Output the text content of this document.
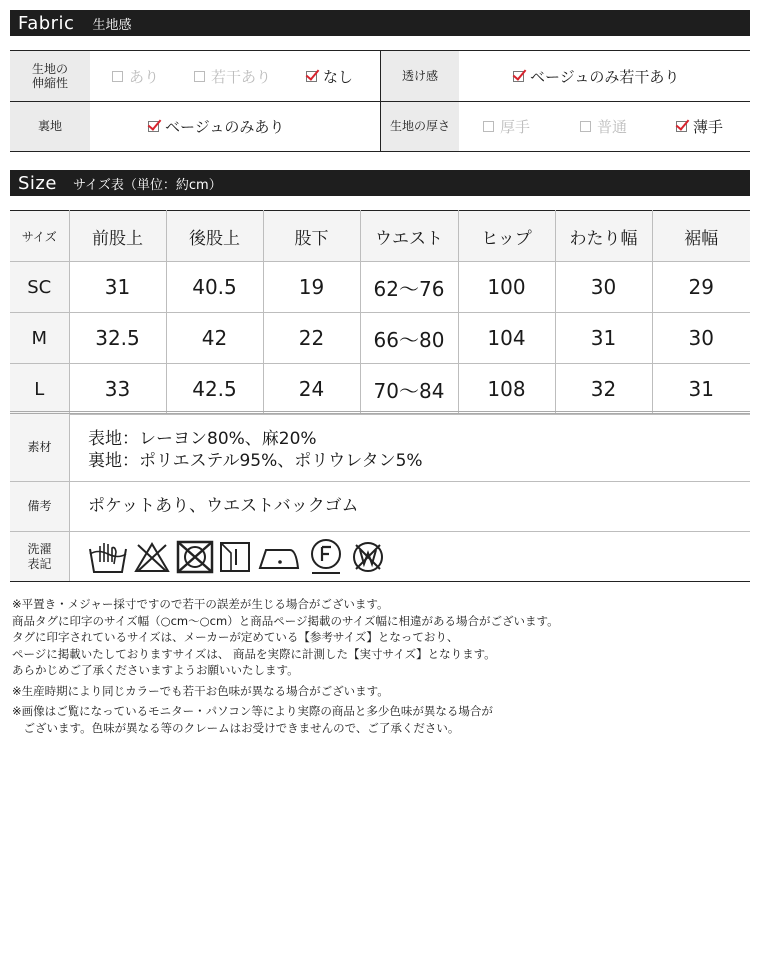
Fabric 生地感
生地の
伸縮性	あり	若干あり	なし	透け感	ベージュのみ若干あり
裏地	ベージュのみあり	生地の厚さ	厚手	普通	薄手
Size サイズ表（単位：約cm）
サイズ	前股上	後股上	股下	ウエスト	ヒップ	わたり幅	裾幅
SC	31	40.5	19	62〜76	100	30	29
M	32.5	42	22	66〜80	104	31	30
L	33	42.5	24	70〜84	108	32	31
素材	表地：レーヨン80%、麻20%
裏地：ポリエステル95%、ポリウレタン5%
備考	ポケットあり、ウエストバックゴム
洗濯
表記

※平置き・メジャー採寸ですので若干の誤差が生じる場合がございます。

商品タグに印字のサイズ幅（○cm〜○cm）と商品ページ掲載のサイズ幅に相違がある場合がございます。

タグに印字されているサイズは、メーカーが定めている【参考サイズ】となっており、

ページに掲載いたしておりますサイズは、 商品を実際に計測した【実寸サイズ】となります。

あらかじめご了承くださいますようお願いいたします。

※生産時期により同じカラーでも若干お色味が異なる場合がございます。

※画像はご覧になっているモニター・パソコン等により実際の商品と多少色味が異なる場合が

　ございます。色味が異なる等のクレームはお受けできませんので、ご了承ください。
